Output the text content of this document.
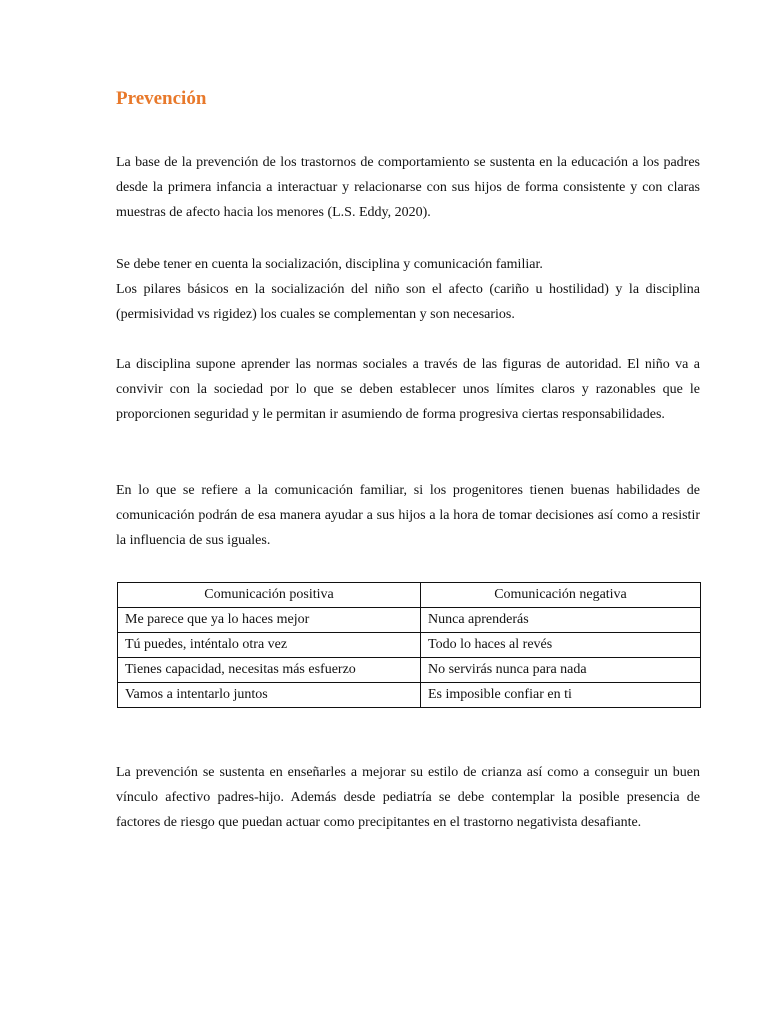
Prevención

La base de la prevención de los trastornos de comportamiento se sustenta en la educación a los padres desde la primera infancia a interactuar y relacionarse con sus hijos de forma consistente y con claras muestras de afecto hacia los menores (L.S. Eddy, 2020).

Se debe tener en cuenta la socialización, disciplina y comunicación familiar.

Los pilares básicos en la socialización del niño son el afecto (cariño u hostilidad) y la disciplina (permisividad vs rigidez) los cuales se complementan y son necesarios.

La disciplina supone aprender las normas sociales a través de las figuras de autoridad. El niño va a convivir con la sociedad por lo que se deben establecer unos límites claros y razonables que le proporcionen seguridad y le permitan ir asumiendo de forma progresiva ciertas responsabilidades.

En lo que se refiere a la comunicación familiar, si los progenitores tienen buenas habilidades de comunicación podrán de esa manera ayudar a sus hijos a la hora de tomar decisiones así como a resistir la influencia de sus iguales.

Comunicación positiva	Comunicación negativa
Me parece que ya lo haces mejor	Nunca aprenderás
Tú puedes, inténtalo otra vez	Todo lo haces al revés
Tienes capacidad, necesitas más esfuerzo	No servirás nunca para nada
Vamos a intentarlo juntos	Es imposible confiar en ti

La prevención se sustenta en enseñarles a mejorar su estilo de crianza así como a conseguir un buen vínculo afectivo padres-hijo. Además desde pediatría se debe contemplar la posible presencia de factores de riesgo que puedan actuar como precipitantes en el trastorno negativista desafiante.
